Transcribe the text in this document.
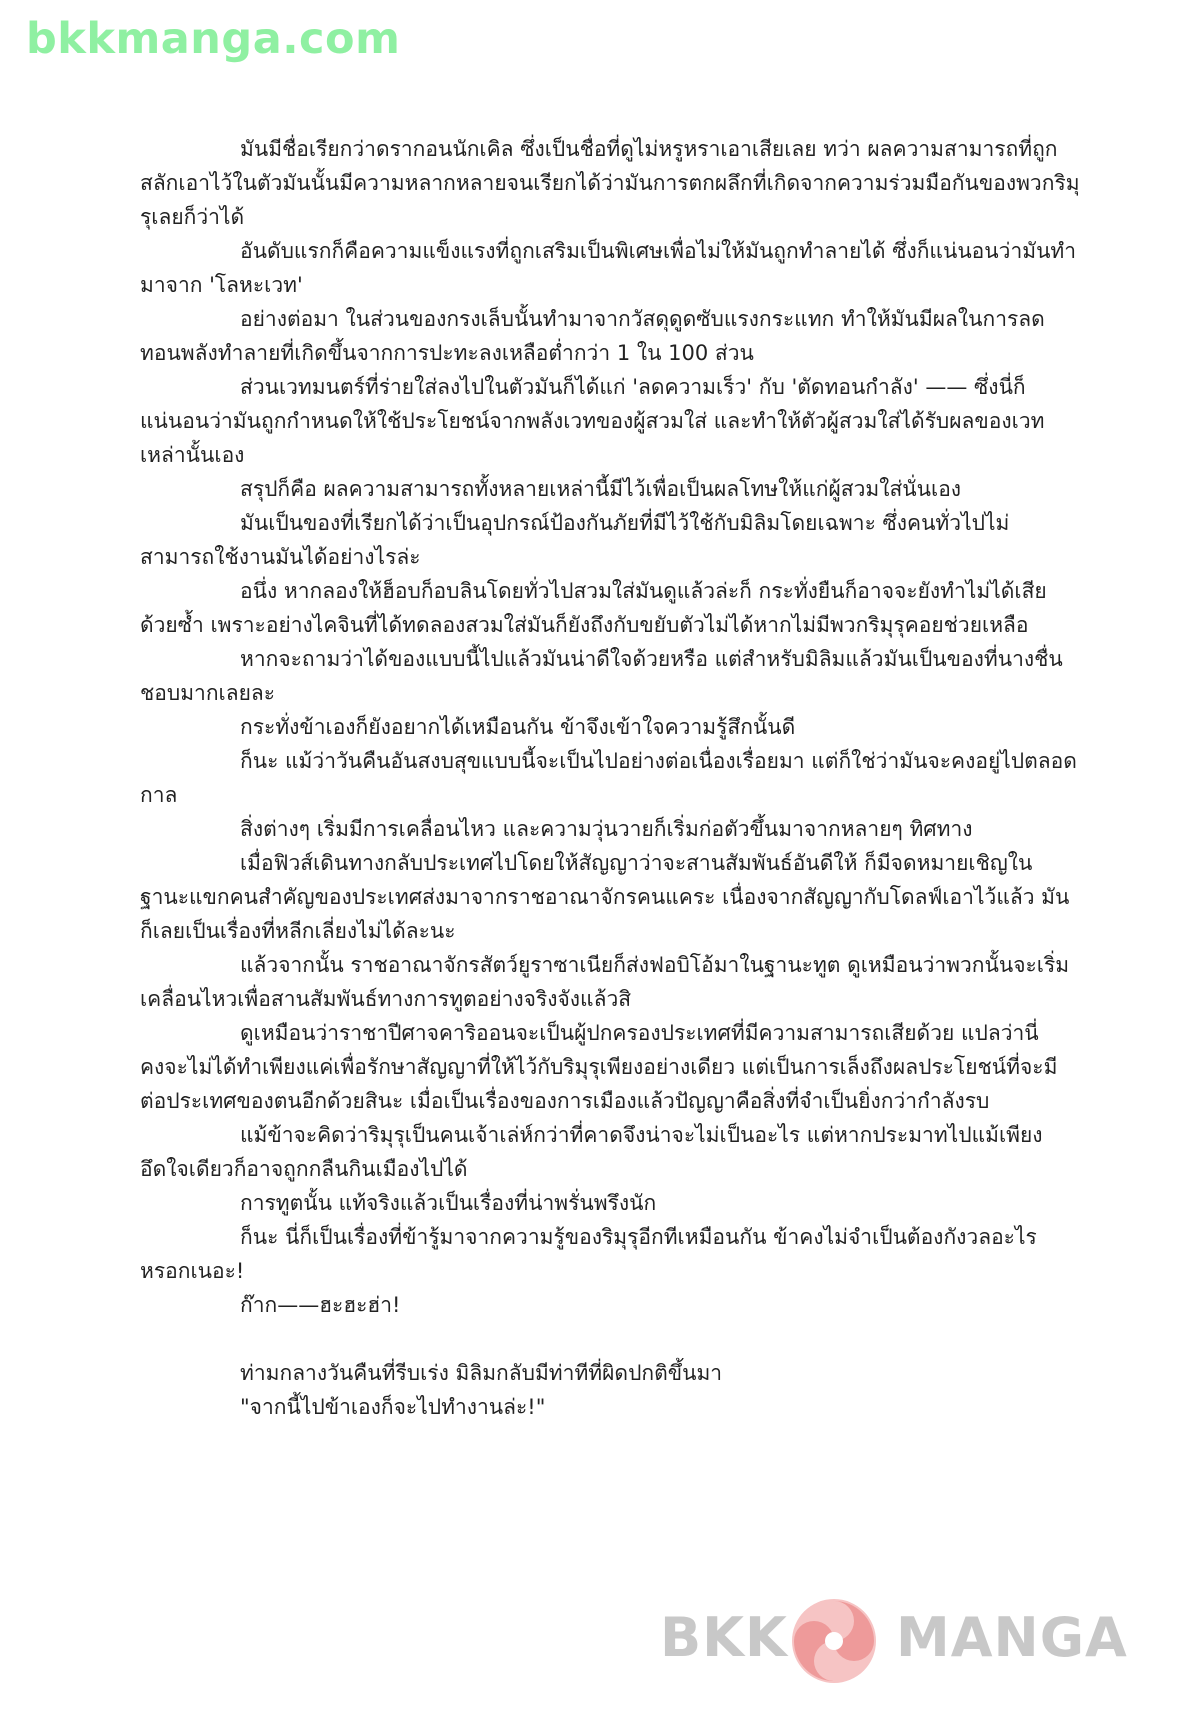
bkkmanga.com

มันมีชื่อเรียกว่าดรากอนนักเคิล ซึ่งเป็นชื่อที่ดูไม่หรูหราเอาเสียเลย ทว่า ผลความสามารถที่ถูกสลักเอาไว้ในตัวมันนั้นมีความหลากหลายจนเรียกได้ว่ามันการตกผลึกที่เกิดจากความร่วมมือกันของพวกริมุรุเลยก็ว่าได้

อันดับแรกก็คือความแข็งแรงที่ถูกเสริมเป็นพิเศษเพื่อไม่ให้มันถูกทำลายได้ ซึ่งก็แน่นอนว่ามันทำมาจาก 'โลหะเวท'

อย่างต่อมา ในส่วนของกรงเล็บนั้นทำมาจากวัสดุดูดซับแรงกระแทก ทำให้มันมีผลในการลดทอนพลังทำลายที่เกิดขึ้นจากการปะทะลงเหลือต่ำกว่า 1 ใน 100 ส่วน

ส่วนเวทมนตร์ที่ร่ายใส่ลงไปในตัวมันก็ได้แก่ 'ลดความเร็ว' กับ 'ตัดทอนกำลัง' —— ซึ่งนี่ก็แน่นอนว่ามันถูกกำหนดให้ใช้ประโยชน์จากพลังเวทของผู้สวมใส่ และทำให้ตัวผู้สวมใส่ได้รับผลของเวทเหล่านั้นเอง

สรุปก็คือ ผลความสามารถทั้งหลายเหล่านี้มีไว้เพื่อเป็นผลโทษให้แก่ผู้สวมใส่นั่นเอง

มันเป็นของที่เรียกได้ว่าเป็นอุปกรณ์ป้องกันภัยที่มีไว้ใช้กับมิลิมโดยเฉพาะ ซึ่งคนทั่วไปไม่สามารถใช้งานมันได้อย่างไรล่ะ

อนึ่ง หากลองให้ฮ็อบก็อบลินโดยทั่วไปสวมใส่มันดูแล้วล่ะก็ กระทั่งยืนก็อาจจะยังทำไม่ได้เสียด้วยซ้ำ เพราะอย่างไคจินที่ได้ทดลองสวมใส่มันก็ยังถึงกับขยับตัวไม่ได้หากไม่มีพวกริมุรุคอยช่วยเหลือ

หากจะถามว่าได้ของแบบนี้ไปแล้วมันน่าดีใจด้วยหรือ แต่สำหรับมิลิมแล้วมันเป็นของที่นางชื่นชอบมากเลยละ

กระทั่งข้าเองก็ยังอยากได้เหมือนกัน ข้าจึงเข้าใจความรู้สึกนั้นดี

ก็นะ แม้ว่าวันคืนอันสงบสุขแบบนี้จะเป็นไปอย่างต่อเนื่องเรื่อยมา แต่ก็ใช่ว่ามันจะคงอยู่ไปตลอดกาล

สิ่งต่างๆ เริ่มมีการเคลื่อนไหว และความวุ่นวายก็เริ่มก่อตัวขึ้นมาจากหลายๆ ทิศทาง

เมื่อฟิวส์เดินทางกลับประเทศไปโดยให้สัญญาว่าจะสานสัมพันธ์อันดีให้ ก็มีจดหมายเชิญในฐานะแขกคนสำคัญของประเทศส่งมาจากราชอาณาจักรคนแคระ เนื่องจากสัญญากับโดลฟ์เอาไว้แล้ว มันก็เลยเป็นเรื่องที่หลีกเลี่ยงไม่ได้ละนะ

แล้วจากนั้น ราชอาณาจักรสัตว์ยูราซาเนียก็ส่งฟอบิโอ้มาในฐานะทูต ดูเหมือนว่าพวกนั้นจะเริ่มเคลื่อนไหวเพื่อสานสัมพันธ์ทางการทูตอย่างจริงจังแล้วสิ

ดูเหมือนว่าราชาปีศาจคาริออนจะเป็นผู้ปกครองประเทศที่มีความสามารถเสียด้วย แปลว่านี่คงจะไม่ได้ทำเพียงแค่เพื่อรักษาสัญญาที่ให้ไว้กับริมุรุเพียงอย่างเดียว แต่เป็นการเล็งถึงผลประโยชน์ที่จะมีต่อประเทศของตนอีกด้วยสินะ เมื่อเป็นเรื่องของการเมืองแล้วปัญญาคือสิ่งที่จำเป็นยิ่งกว่ากำลังรบ

แม้ข้าจะคิดว่าริมุรุเป็นคนเจ้าเล่ห์กว่าที่คาดจึงน่าจะไม่เป็นอะไร แต่หากประมาทไปแม้เพียงอึดใจเดียวก็อาจถูกกลืนกินเมืองไปได้

การทูตนั้น แท้จริงแล้วเป็นเรื่องที่น่าพรั่นพรึงนัก

ก็นะ นี่ก็เป็นเรื่องที่ข้ารู้มาจากความรู้ของริมุรุอีกทีเหมือนกัน ข้าคงไม่จำเป็นต้องกังวลอะไรหรอกเนอะ!

ก๊าก——ฮะฮะฮ่า!

ท่ามกลางวันคืนที่รีบเร่ง มิลิมกลับมีท่าทีที่ผิดปกติขึ้นมา

"จากนี้ไปข้าเองก็จะไปทำงานล่ะ!"

BKK MANGA
